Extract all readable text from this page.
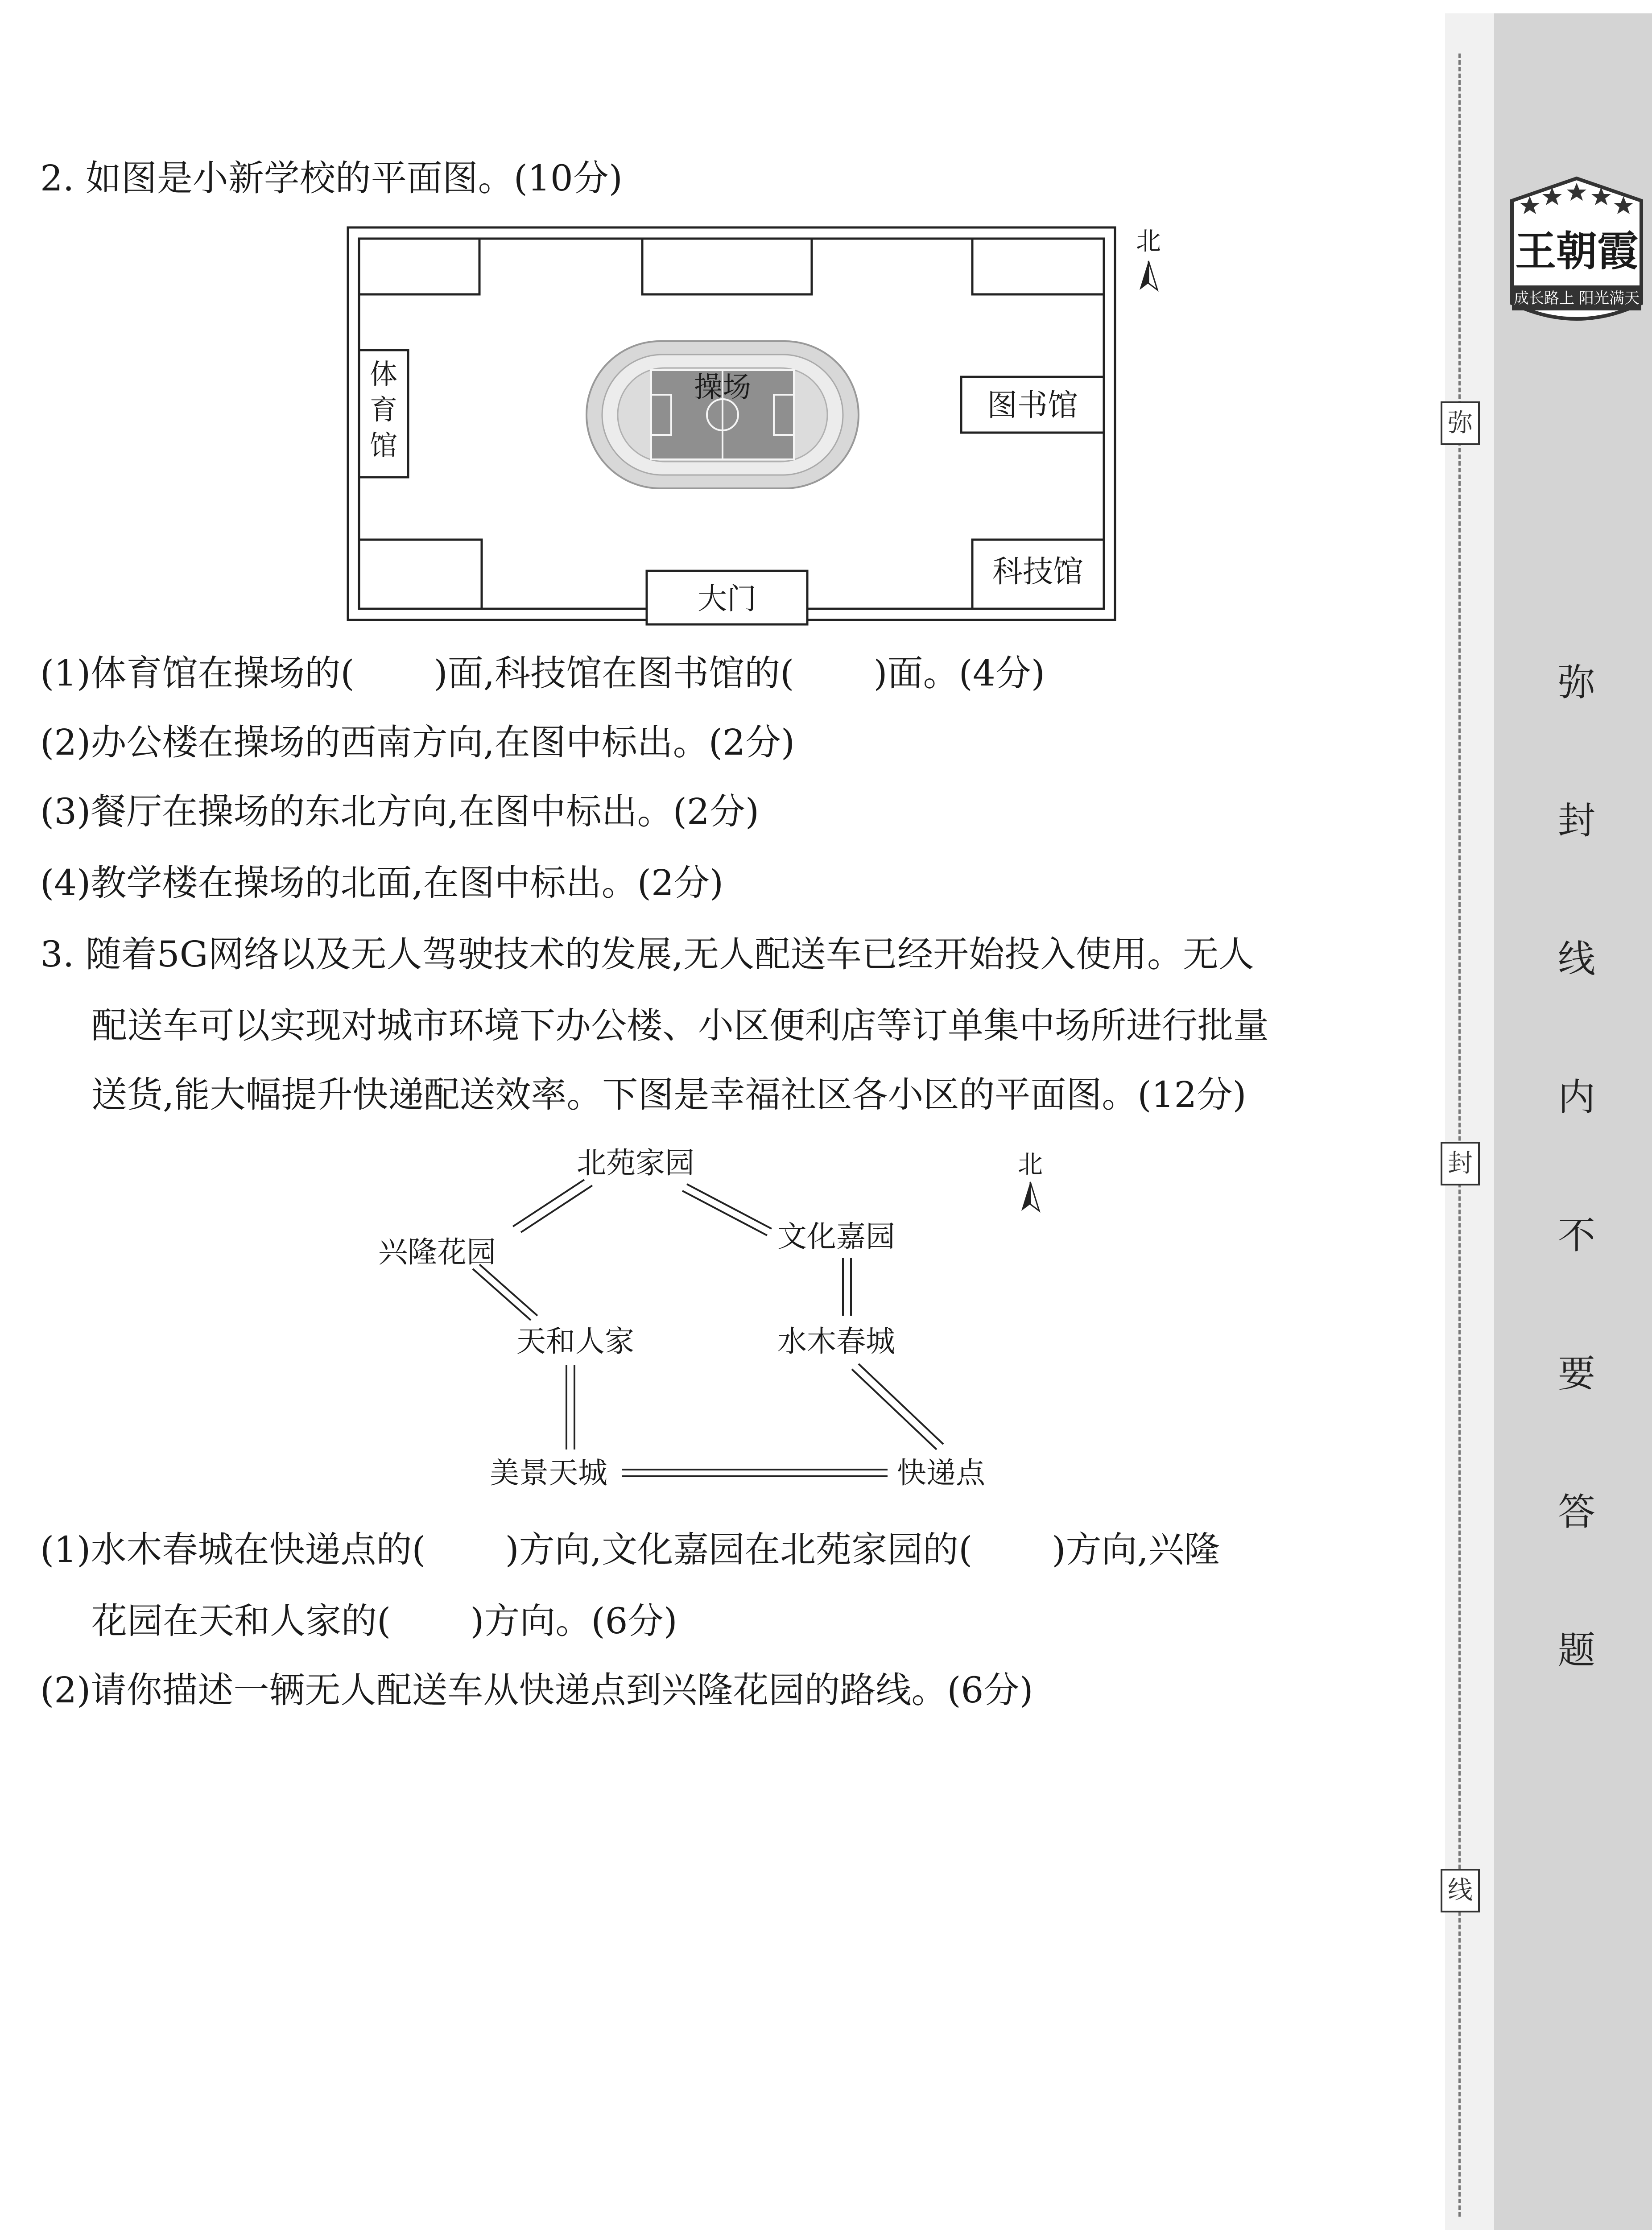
王朝霞
成长路上 阳光满天
弥
封
线
弥
封
线
内
不
要
答
题
2. 如图是小新学校的平面图。(10分)
科技馆
体
育
馆
图书馆
大门
操场
北
(1)体育馆在操场的(       )面,科技馆在图书馆的(       )面。(4分)
(2)办公楼在操场的西南方向,在图中标出。(2分)
(3)餐厅在操场的东北方向,在图中标出。(2分)
(4)教学楼在操场的北面,在图中标出。(2分)
3. 随着5G网络以及无人驾驶技术的发展,无人配送车已经开始投入使用。无人
配送车可以实现对城市环境下办公楼、小区便利店等订单集中场所进行批量
送货,能大幅提升快递配送效率。下图是幸福社区各小区的平面图。(12分)
北苑家园
兴隆花园	文化嘉园
天和人家	水木春城
美景天城	快递点
北
(1)水木春城在快递点的(       )方向,文化嘉园在北苑家园的(       )方向,兴隆
花园在天和人家的(       )方向。(6分)
(2)请你描述一辆无人配送车从快递点到兴隆花园的路线。(6分)
